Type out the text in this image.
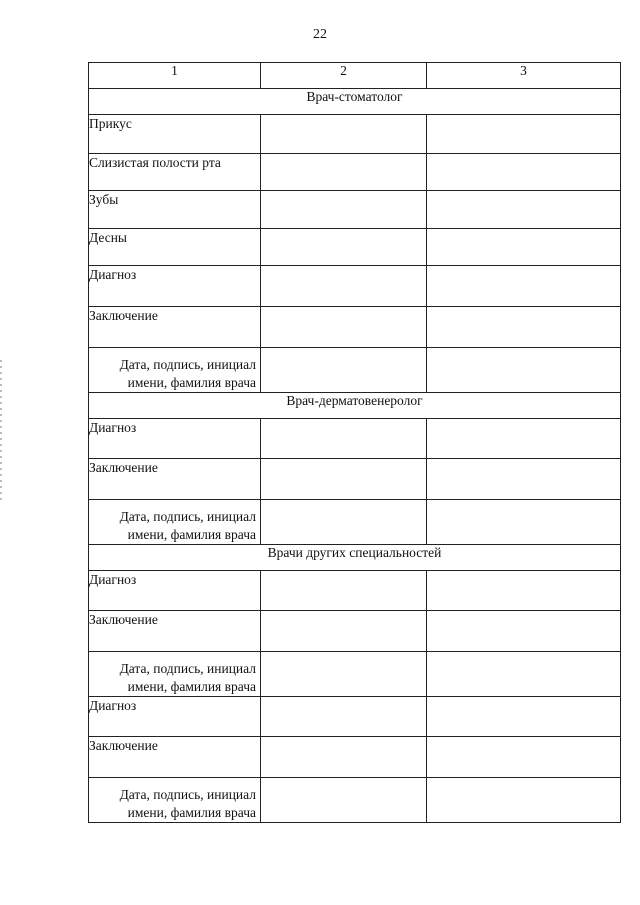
22
1	2	3
Врач-стоматолог		
Прикус		
Слизистая полости рта		
Зубы		
Десны		
Диагноз		
Заключение		
Дата, подпись, инициал имени, фамилия врача		
Врач-дерматовенеролог		
Диагноз		
Заключение		
Дата, подпись, инициал имени, фамилия врача		
Врачи других специальностей		
Диагноз		
Заключение		
Дата, подпись, инициал имени, фамилия врача		
Диагноз		
Заключение		
Дата, подпись, инициал имени, фамилия врача		
